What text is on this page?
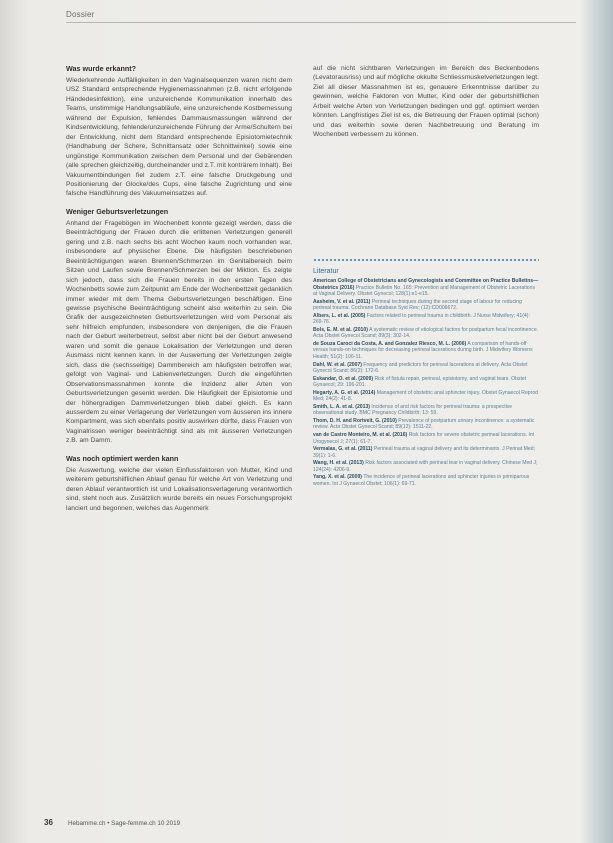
Dossier
Was wurde erkannt?

Wiederkehrende Auffälligkeiten in den Vaginalsequenzen waren nicht dem USZ Standard entsprechende Hygienemassnahmen (z.B. nicht erfolgende Händedesinfektion), eine unzureichende Kommunikation innerhalb des Teams, unstimmige Handlungsabläufe, eine unzureichende Kostbemessung während der Expulsion, fehlendes Dammausmassungen während der Kindsentwicklung, fehlende/unzureichende Führung der Arme/Schultern bei der Entwicklung, nicht dem Standard entsprechende Episiotomietechnik (Handhabung der Schere, Schnittansatz oder Schnittwinkel) sowie eine ungünstige Kommunikation zwischen dem Personal und der Gebärenden (alle sprechen gleichzeitig, durcheinander und z.T. mit konträrem Inhalt). Bei Vakuumentbindungen fiel zudem z.T. eine falsche Druckgebung und Positionierung der Glocke/des Cups, eine falsche Zugrichtung und eine falsche Handführung des Vakuumeinsatzes auf.

Weniger Geburtsverletzungen

Anhand der Fragebögen im Wochenbett konnte gezeigt werden, dass die Beeinträchtigung der Frauen durch die erlittenen Verletzungen generell gering und z.B. nach sechs bis acht Wochen kaum noch vorhanden war, insbesondere auf physischer Ebene. Die häufigsten beschriebenen Beeinträchtigungen waren Brennen/Schmerzen im Genitalbereich beim Sitzen und Laufen sowie Brennen/Schmerzen bei der Miktion. Es zeigte sich jedoch, dass sich die Frauen bereits in den ersten Tagen des Wochenbetts sowie zum Zeitpunkt am Ende der Wochenbettzeit gedanklich immer wieder mit dem Thema Geburtsverletzungen beschäftigen. Eine gewisse psychische Beeinträchtigung scheint also weiterhin zu sein. Die Grafik der ausgezeichneten Geburtsverletzungen wird vom Personal als sehr hilfreich empfunden, insbesondere von denjenigen, die die Frauen nach der Geburt weiterbetreut, selbst aber nicht bei der Geburt anwesend waren und somit die genaue Lokalisation der Verletzungen und deren Ausmass nicht kennen kann. In der Auswertung der Verletzungen zeigte sich, dass die (sechsseitige) Dammbereich am häufigsten betroffen war, gefolgt von Vaginal- und Labienverletzungen. Durch die eingeführten Observationsmassnahmen konnte die Inzidenz aller Arten von Geburtsverletzungen gesenkt werden. Die Häufigkeit der Episiotomie und der höhergradigen Dammverletzungen blieb dabei gleich. Es kann ausserdem zu einer Verlagerung der Verletzungen vom äusseren ins innere Kompartment, was sich ebenfalls positiv auswirken dürfte, dass Frauen von Vaginalrissen weniger beeinträchtigt sind als mit äusseren Verletzungen z.B. am Damm.

Was noch optimiert werden kann

Die Auswertung, welche der vielen Einflussfaktoren von Mutter, Kind und weiterem geburtshilflichen Ablauf genau für welche Art von Verletzung und deren Ablauf verantwortlich ist und Lokalisationsverlagerung verantwortlich sind, steht noch aus. Zusätzlich wurde bereits ein neues Forschungsprojekt lanciert und begonnen, welches das Augenmerk

auf die nicht sichtbaren Verletzungen im Bereich des Beckenbodens (Levatorausriss) und auf mögliche okkulte Schliessmuskelverletzungen legt. Ziel all dieser Massnahmen ist es, genauere Erkenntnisse darüber zu gewinnen, welche Faktoren von Mutter, Kind oder der geburtshilflichen Arbeit welche Arten von Verletzungen bedingen und ggf. optimiert werden könnten. Langfristiges Ziel ist es, die Betreuung der Frauen optimal (schon) und das weiterhin sowie deren Nachbetreuung und Beratung im Wochenbett verbessern zu können.

Literatur

American College of Obstetricians and Gynecologists and Committee on Practice Bulletins—Obstetrics (2016) Practice Bulletin No. 165: Prevention and Management of Obstetric Lacerations at Vaginal Delivery. Obstet Gynecol; 128(1):e1-e15.

Aasheim, V. et al. (2011) Perineal techniques during the second stage of labour for reducing perineal trauma. Cochrane Database Syst Rev; (12):CD006672.

Albers, L. et al. (2005) Factors related to perineal trauma in childbirth. J Nurse Midwifery; 41(4): 269-76.

Bols, E. M. et al. (2010) A systematic review of etiological factors for postpartum fecal incontinence. Acta Obstet Gynecol Scand; 89(3): 302-14.

de Souza Caroci da Costa, A. and Gonzalez Riesco, M. L. (2006) A comparison of hands-off versus hands-on techniques for decreasing perineal lacerations during birth. J Midwifery Womens Health; 51(2): 106-11.

Dahl, W. et al. (2007) Frequency and predictors for perineal lacerations at delivery. Acta Obstet Gynecol Scand; 86(2): 172-6.

Eskandar, O. et al. (2009) Risk of fistula repair, perineal, episiotomy, and vaginal tears. Obstet Gynaecol; 29: 196-201.

Hegarty, A. G. et al. (2014) Management of obstetric anal sphincter injury. Obstet Gynaecol Reprod Med; 24(2): 41-8.

Smith, L. A. et al. (2013) Incidence of and risk factors for perineal trauma: a prospective observational study. BMC Pregnancy Childbirth; 13: 59.

Thom, D. H. and Rortveit, G. (2010) Prevalence of postpartum urinary incontinence: a systematic review. Acta Obstet Gynecol Scand; 89(12): 1511-22.

van de Castro Monteiro, M. et al. (2016) Risk factors for severe obstetric perineal lacerations. Int Urogynecol J; 27(1): 61-7.

Vermalas, G. et al. (2011) Perineal trauma at vaginal delivery and its determinants. J Perinat Med; 39(1): 1-6.

Wang, H. et al. (2013) Risk factors associated with perineal tear in vaginal delivery. Chinese Med J; 124(24): 4206-9.

Yang, X. et al. (2009) The incidence of perineal lacerations and sphincter injuries in primiparous women. Int J Gynaecol Obstet; 106(1): 69-71.

36 Hebamme.ch • Sage-femme.ch 10 2019
